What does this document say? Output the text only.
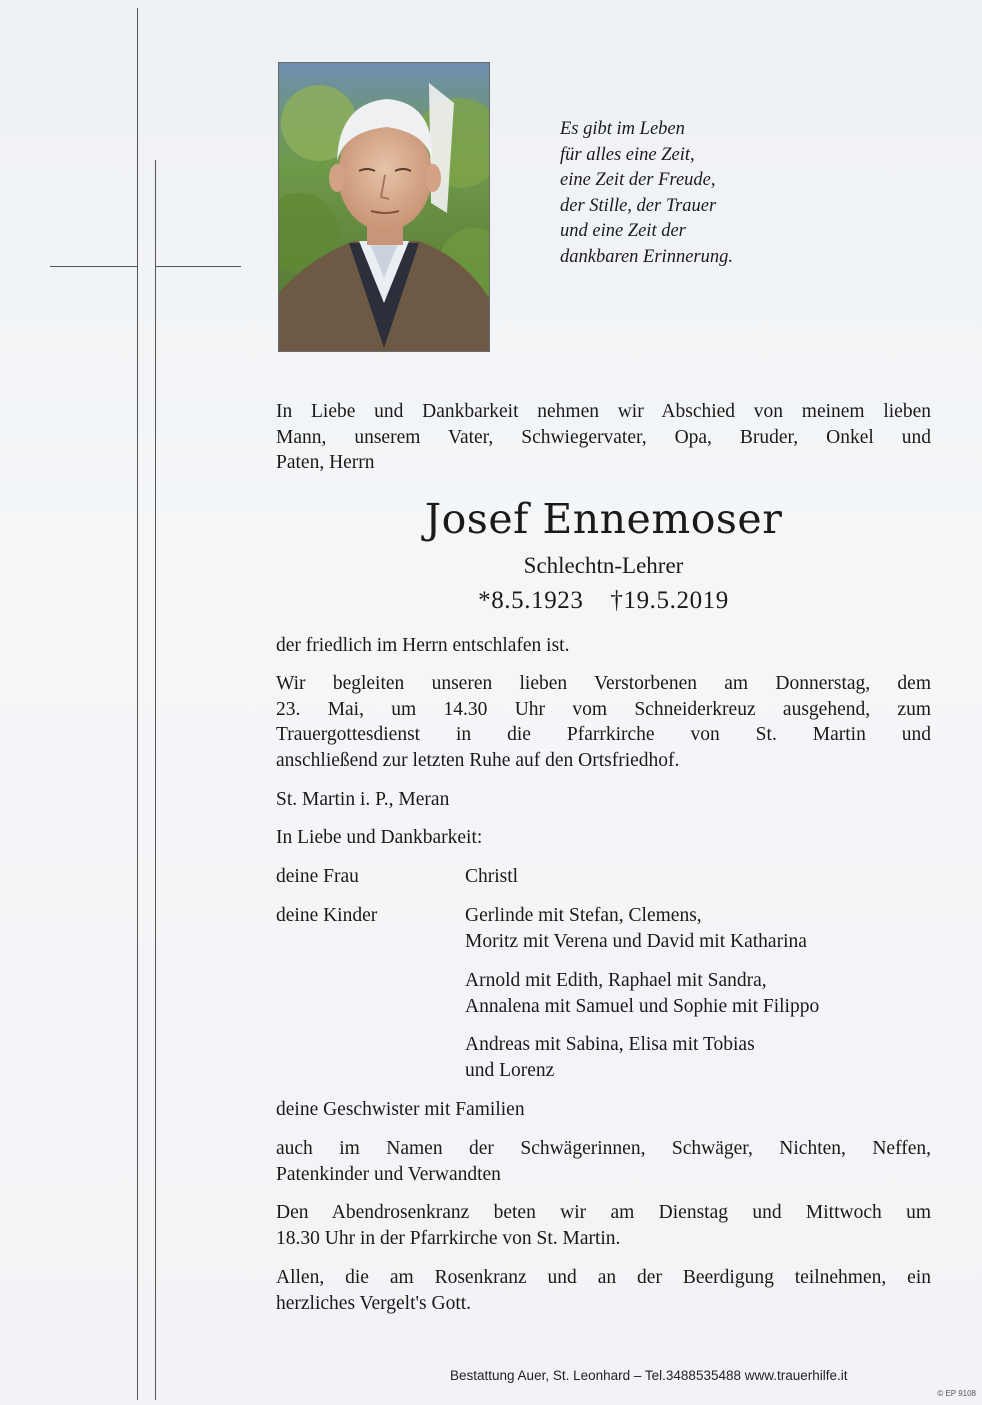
Es gibt im Leben
für alles eine Zeit,
eine Zeit der Freude,
der Stille, der Trauer
und eine Zeit der
dankbaren Erinnerung.
In Liebe und Dankbarkeit nehmen wir Abschied von meinem lieben
Mann, unserem Vater, Schwiegervater, Opa, Bruder, Onkel und
Paten, Herrn
Josef Ennemoser
Schlechtn-Lehrer
*8.5.1923 †19.5.2019
der friedlich im Herrn entschlafen ist.
Wir begleiten unseren lieben Verstorbenen am Donnerstag, dem
23. Mai, um 14.30 Uhr vom Schneiderkreuz ausgehend, zum
Trauergottesdienst in die Pfarrkirche von St. Martin und
anschließend zur letzten Ruhe auf den Ortsfriedhof.
St. Martin i. P., Meran
In Liebe und Dankbarkeit:
deine Frau	Christl
deine Kinder	Gerlinde mit Stefan, Clemens,
Moritz mit Verena und David mit Katharina
Arnold mit Edith, Raphael mit Sandra,
Annalena mit Samuel und Sophie mit Filippo
Andreas mit Sabina, Elisa mit Tobias
und Lorenz
deine Geschwister mit Familien
auch im Namen der Schwägerinnen, Schwäger, Nichten, Neffen,
Patenkinder und Verwandten
Den Abendrosenkranz beten wir am Dienstag und Mittwoch um
18.30 Uhr in der Pfarrkirche von St. Martin.
Allen, die am Rosenkranz und an der Beerdigung teilnehmen, ein
herzliches Vergelt's Gott.
Bestattung Auer, St. Leonhard – Tel.3488535488 www.trauerhilfe.it
© EP 9108
